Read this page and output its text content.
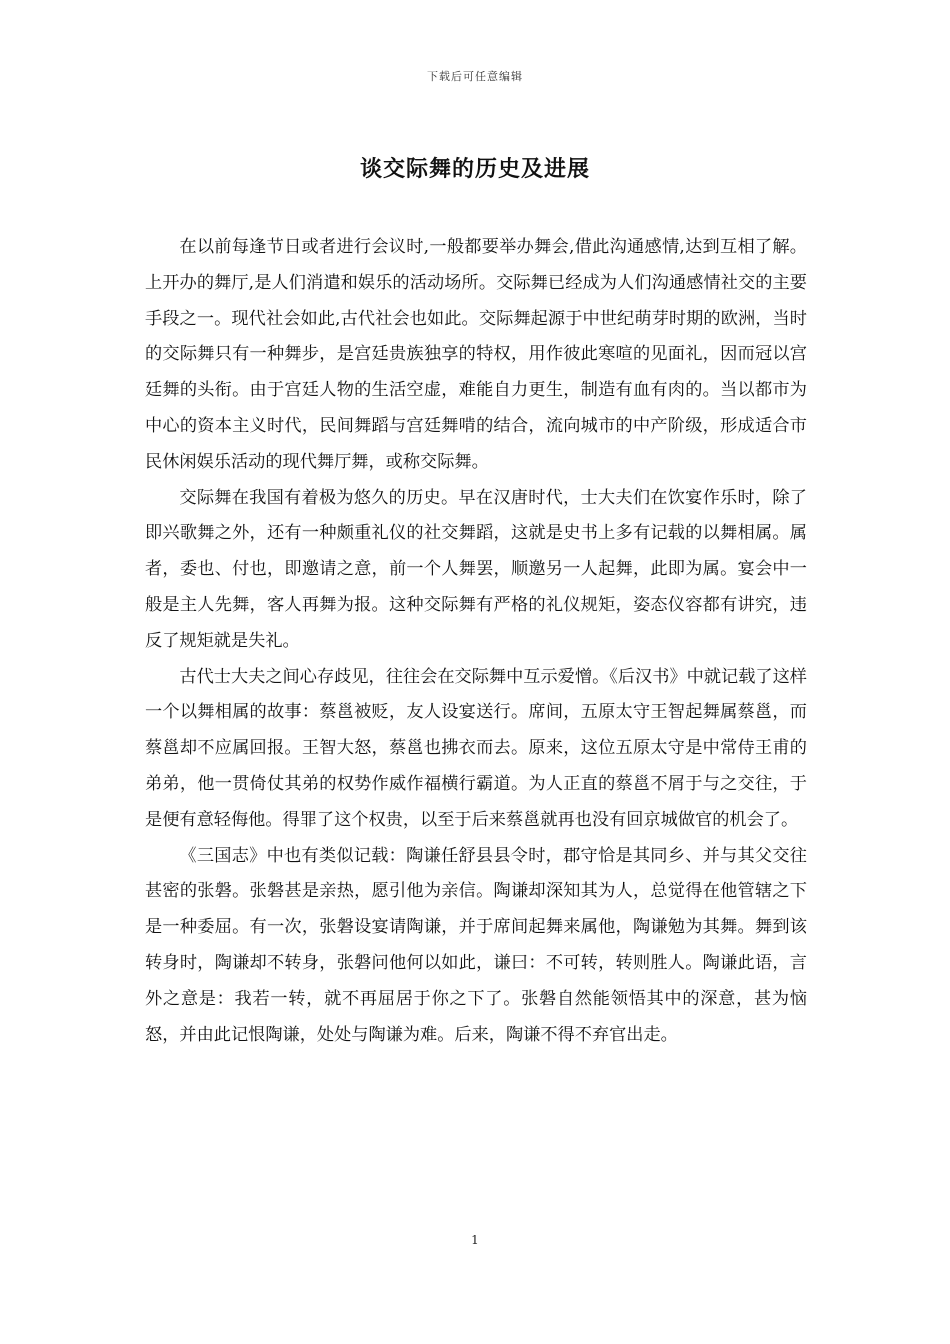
下载后可任意编辑
谈交际舞的历史及进展

在以前每逢节日或者进行会议时,一般都要举办舞会,借此沟通感情,达到互相了解。上开办的舞厅,是人们消遣和娱乐的活动场所。交际舞已经成为人们沟通感情社交的主要手段之一。现代社会如此,古代社会也如此。交际舞起源于中世纪萌芽时期的欧洲，当时的交际舞只有一种舞步，是宫廷贵族独享的特权，用作彼此寒喧的见面礼，因而冠以宫廷舞的头衔。由于宫廷人物的生活空虚，难能自力更生，制造有血有肉的。当以都市为中心的资本主义时代，民间舞蹈与宫廷舞啃的结合，流向城市的中产阶级，形成适合市民休闲娱乐活动的现代舞厅舞，或称交际舞。

交际舞在我国有着极为悠久的历史。早在汉唐时代，士大夫们在饮宴作乐时，除了即兴歌舞之外，还有一种颇重礼仪的社交舞蹈，这就是史书上多有记载的以舞相属。属者，委也、付也，即邀请之意，前一个人舞罢，顺邀另一人起舞，此即为属。宴会中一般是主人先舞，客人再舞为报。这种交际舞有严格的礼仪规矩，姿态仪容都有讲究，违反了规矩就是失礼。

古代士大夫之间心存歧见，往往会在交际舞中互示爱憎。《后汉书》中就记载了这样一个以舞相属的故事：蔡邕被贬，友人设宴送行。席间，五原太守王智起舞属蔡邕，而蔡邕却不应属回报。王智大怒，蔡邕也拂衣而去。原来，这位五原太守是中常侍王甫的弟弟，他一贯倚仗其弟的权势作威作福横行霸道。为人正直的蔡邕不屑于与之交往，于是便有意轻侮他。得罪了这个权贵，以至于后来蔡邕就再也没有回京城做官的机会了。

《三国志》中也有类似记载：陶谦任舒县县令时，郡守恰是其同乡、并与其父交往甚密的张磐。张磐甚是亲热，愿引他为亲信。陶谦却深知其为人，总觉得在他管辖之下是一种委屈。有一次，张磐设宴请陶谦，并于席间起舞来属他，陶谦勉为其舞。舞到该转身时，陶谦却不转身，张磐问他何以如此，谦曰：不可转，转则胜人。陶谦此语，言外之意是：我若一转，就不再屈居于你之下了。张磐自然能领悟其中的深意，甚为恼怒，并由此记恨陶谦，处处与陶谦为难。后来，陶谦不得不弃官出走。

1
